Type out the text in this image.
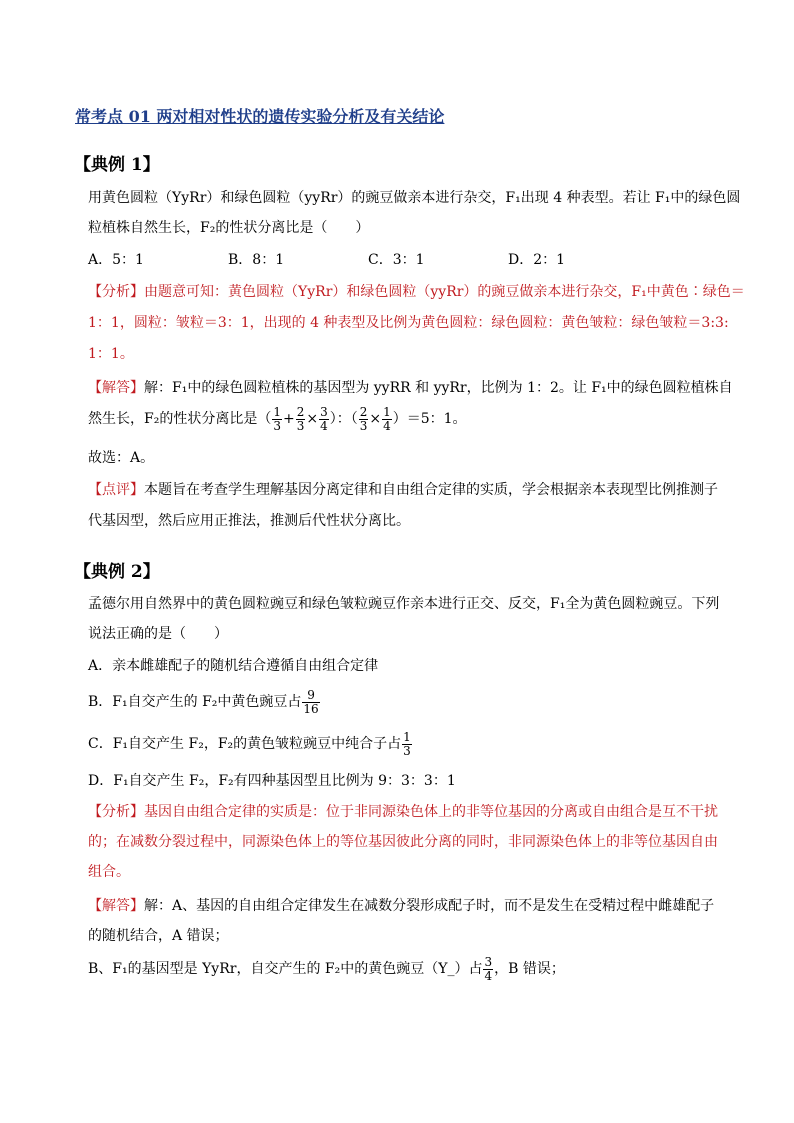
常考点 01 两对相对性状的遗传实验分析及有关结论
【典例 1】
用黄色圆粒（YyRr）和绿色圆粒（yyRr）的豌豆做亲本进行杂交，F₁出现 4 种表型。若让 F₁中的绿色圆
粒植株自然生长，F₂的性状分离比是（　　）
A．5：1	B．8：1	C．3：1	D．2：1
【分析】由题意可知：黄色圆粒（YyRr）和绿色圆粒（yyRr）的豌豆做亲本进行杂交，F₁中黄色∶绿色＝
1：1，圆粒：皱粒＝3：1，出现的 4 种表型及比例为黄色圆粒：绿色圆粒：黄色皱粒：绿色皱粒＝3:3:
1：1。
【解答】解：F₁中的绿色圆粒植株的基因型为 yyRR 和 yyRr，比例为 1：2。让 F₁中的绿色圆粒植株自
然生长，F₂的性状分离比是（ $\frac{1}{3} + \frac{2}{3} \times \frac{3}{4}$ ）：（ $\frac{2}{3} \times \frac{1}{4} )=5$：1。
故选：A。
【点评】本题旨在考查学生理解基因分离定律和自由组合定律的实质，学会根据亲本表现型比例推测子
代基因型，然后应用正推法，推测后代性状分离比。
【典例 2】
孟德尔用自然界中的黄色圆粒豌豆和绿色皱粒豌豆作亲本进行正交、反交，F₁全为黄色圆粒豌豆。下列
说法正确的是（　　）
A．亲本雌雄配子的随机结合遵循自由组合定律
B．F₁自交产生的 F₂中黄色豌豆占 $\frac{9}{16}$
C．F₁自交产生 F₂，F₂的黄色皱粒豌豆中纯合子占 $\frac{1}{3}$
D．F₁自交产生 F₂，F₂有四种基因型且比例为 9：3：3：1
【分析】基因自由组合定律的实质是：位于非同源染色体上的非等位基因的分离或自由组合是互不干扰
的；在减数分裂过程中，同源染色体上的等位基因彼此分离的同时，非同源染色体上的非等位基因自由
组合。
【解答】解：A、基因的自由组合定律发生在减数分裂形成配子时，而不是发生在受精过程中雌雄配子
的随机结合，A 错误；
B、F₁的基因型是 YyRr，自交产生的 F₂中的黄色豌豆（Y_）占 $\frac{3}{4}$ ，B 错误；
